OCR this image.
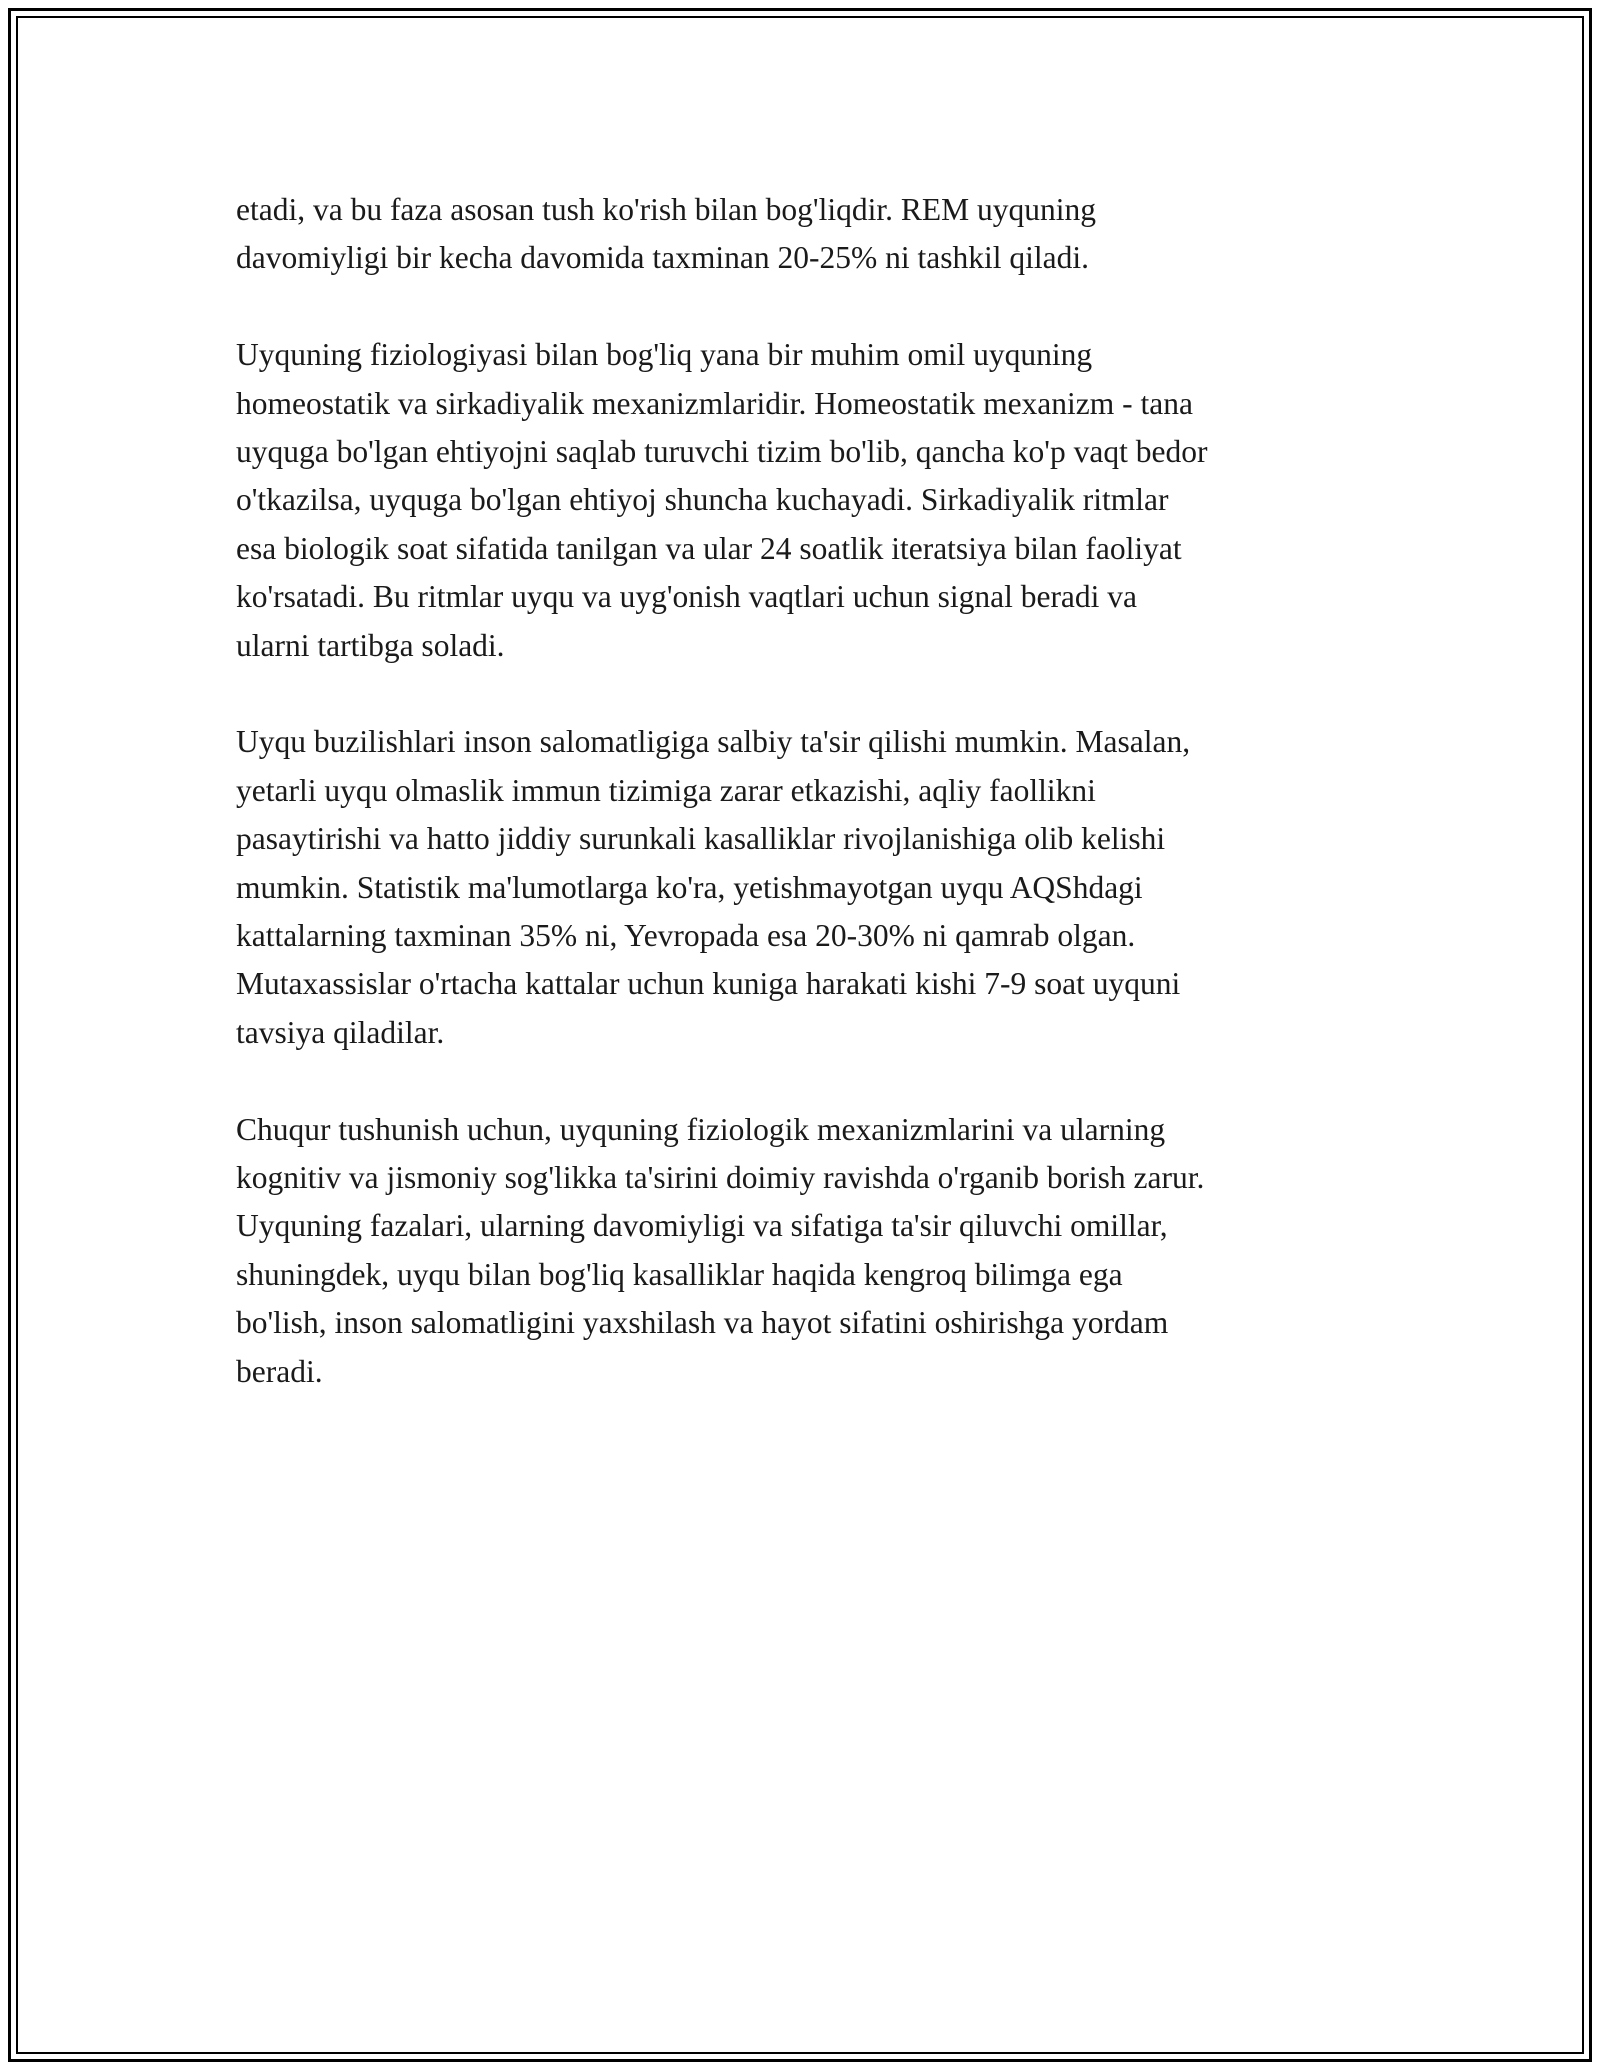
etadi, va bu faza asosan tush ko'rish bilan bog'liqdir. REM uyquning
davomiyligi bir kecha davomida taxminan 20-25% ni tashkil qiladi.

Uyquning fiziologiyasi bilan bog'liq yana bir muhim omil uyquning
homeostatik va sirkadiyalik mexanizmlaridir. Homeostatik mexanizm - tana
uyquga bo'lgan ehtiyojni saqlab turuvchi tizim bo'lib, qancha ko'p vaqt bedor
o'tkazilsa, uyquga bo'lgan ehtiyoj shuncha kuchayadi. Sirkadiyalik ritmlar
esa biologik soat sifatida tanilgan va ular 24 soatlik iteratsiya bilan faoliyat
ko'rsatadi. Bu ritmlar uyqu va uyg'onish vaqtlari uchun signal beradi va
ularni tartibga soladi.

Uyqu buzilishlari inson salomatligiga salbiy ta'sir qilishi mumkin. Masalan,
yetarli uyqu olmaslik immun tizimiga zarar etkazishi, aqliy faollikni
pasaytirishi va hatto jiddiy surunkali kasalliklar rivojlanishiga olib kelishi
mumkin. Statistik ma'lumotlarga ko'ra, yetishmayotgan uyqu AQShdagi
kattalarning taxminan 35% ni, Yevropada esa 20-30% ni qamrab olgan.
Mutaxassislar o'rtacha kattalar uchun kuniga harakati kishi 7-9 soat uyquni
tavsiya qiladilar.

Chuqur tushunish uchun, uyquning fiziologik mexanizmlarini va ularning
kognitiv va jismoniy sog'likka ta'sirini doimiy ravishda o'rganib borish zarur.
Uyquning fazalari, ularning davomiyligi va sifatiga ta'sir qiluvchi omillar,
shuningdek, uyqu bilan bog'liq kasalliklar haqida kengroq bilimga ega
bo'lish, inson salomatligini yaxshilash va hayot sifatini oshirishga yordam
beradi.
